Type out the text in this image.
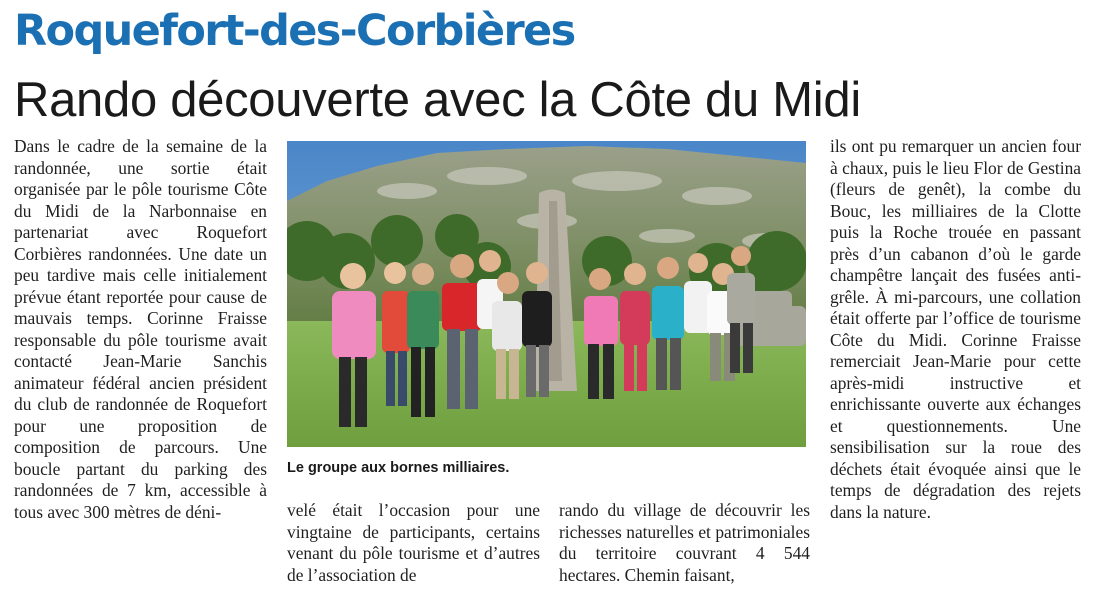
Roquefort-des-Corbières
Rando découverte avec la Côte du Midi

Dans le cadre de la semaine de la randonnée, une sortie était organisée par le pôle tourisme Côte du Midi de la Narbonnaise en partenariat avec Roquefort Corbières randonnées. Une date un peu tardive mais celle initialement prévue étant reportée pour cause de mauvais temps. Corinne Fraisse responsable du pôle tourisme avait contacté Jean-Marie Sanchis animateur fédéral ancien président du club de randonnée de Roquefort pour une proposition de composition de parcours. Une boucle partant du parking des randonnées de 7 km, accessible à tous avec 300 mètres de déni-

Le groupe aux bornes milliaires.

velé était l’occasion pour une vingtaine de participants, certains venant du pôle tourisme et d’autres de l’association de

rando du village de découvrir les richesses naturelles et patrimoniales du territoire couvrant 4 544 hectares. Chemin faisant,

ils ont pu remarquer un ancien four à chaux, puis le lieu Flor de Gestina (fleurs de genêt), la combe du Bouc, les milliaires de la Clotte puis la Roche trouée en passant près d’un cabanon d’où le garde champêtre lançait des fusées anti-grêle. À mi-parcours, une collation était offerte par l’office de tourisme Côte du Midi. Corinne Fraisse remerciait Jean-Marie pour cette après-midi instructive et enrichissante ouverte aux échanges et questionnements. Une sensibilisation sur la roue des déchets était évoquée ainsi que le temps de dégradation des rejets dans la nature.
